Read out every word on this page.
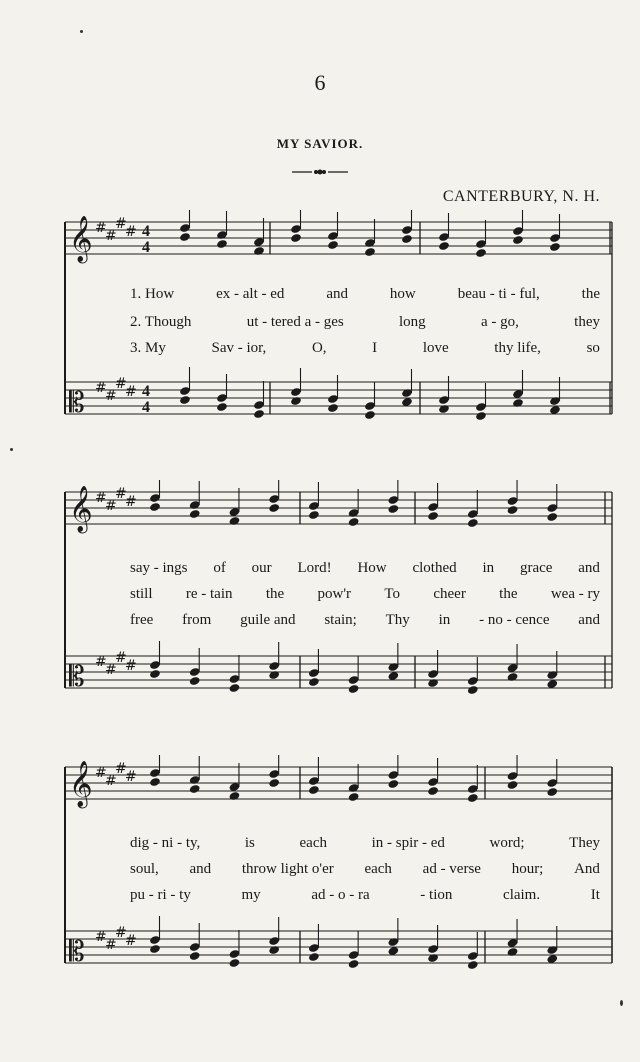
6
MY SAVIOR.
CANTERBURY, N. H.
𝄞 #
#
#
# 4
4
𝄡 #
#
#
# 4
4
1. How	ex - alt - ed	and	how	beau - ti - ful,	the
2. Though	ut - tered a - ges	long	a - go,	they
3. My	Sav - ior,	O,	I	love	thy life,	so
𝄞 #
#
#
#
𝄡 #
#
#
#
say - ings of our Lord! How clothed in grace and
still re - tain the pow'r To cheer the wea - ry
free from guile and stain; Thy in - no - cence and
𝄞 #
#
#
#
𝄡 #
#
#
#
dig - ni - ty,	is	each	in - spir - ed	word;	They
soul, and throw light o'er each ad - verse hour; And
pu - ri - ty	my	ad - o - ra	- tion	claim.	It
